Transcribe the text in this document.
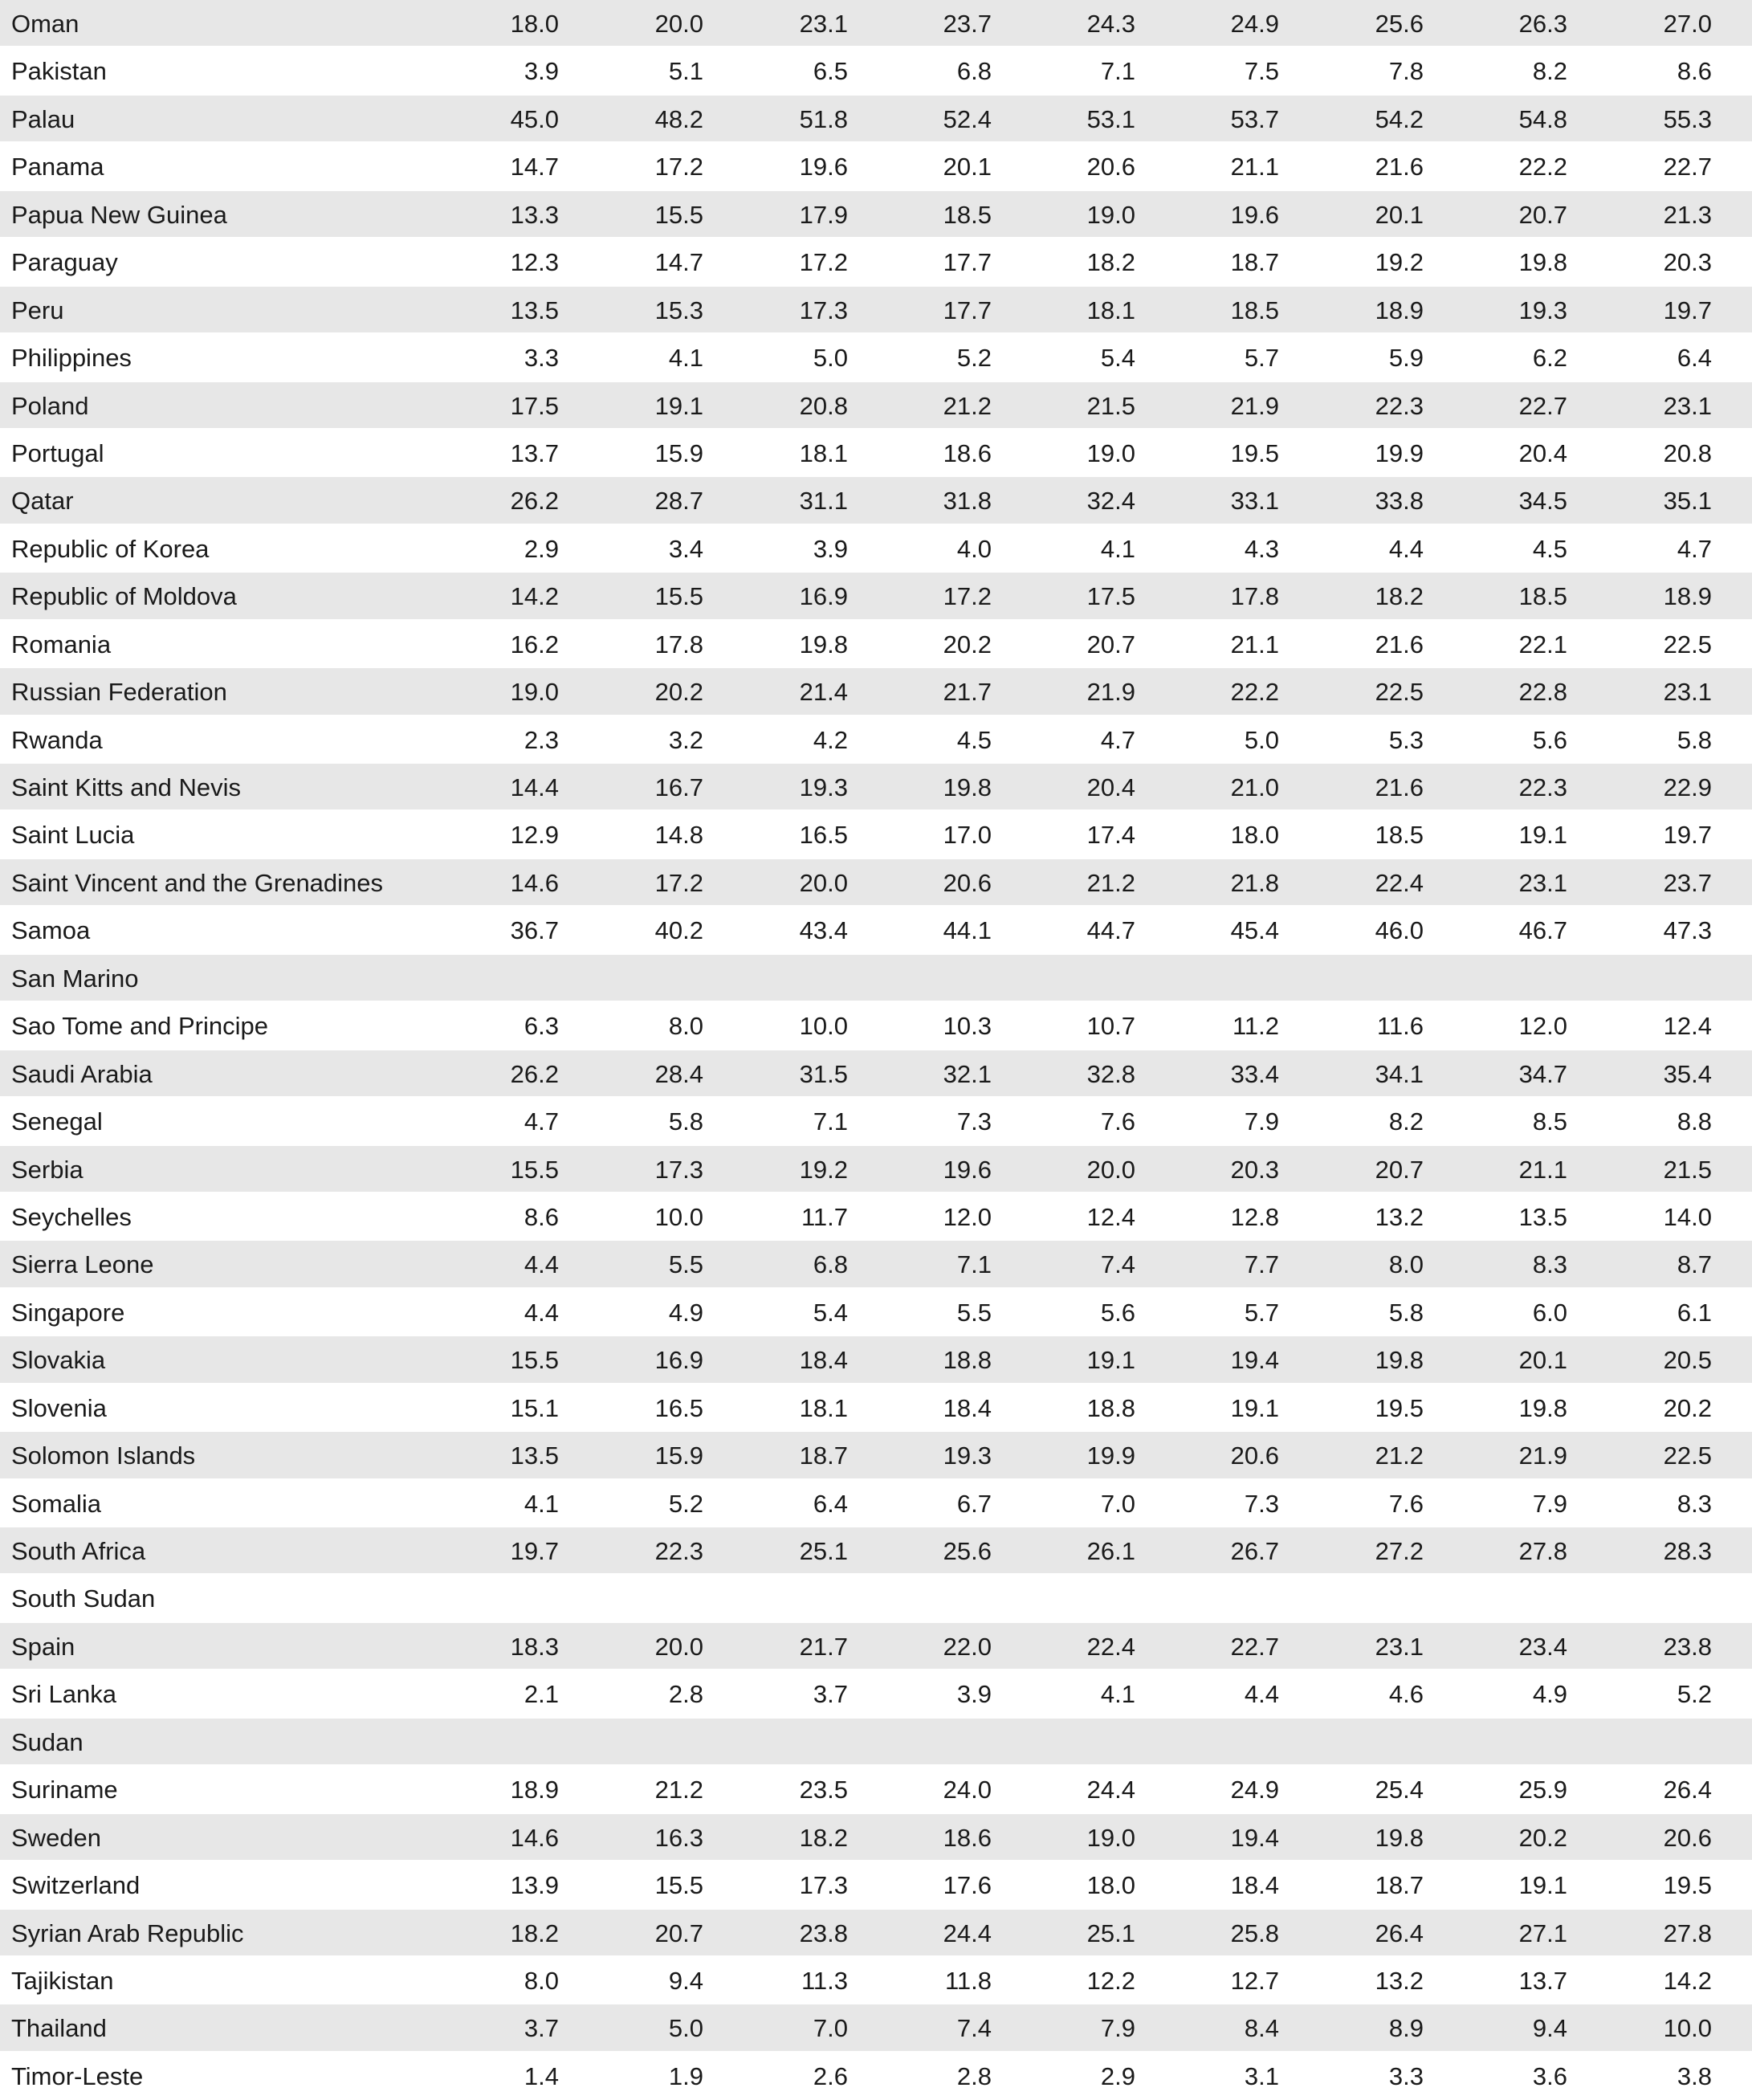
Oman	18.0	20.0	23.1	23.7	24.3	24.9	25.6	26.3	27.0
Pakistan	3.9	5.1	6.5	6.8	7.1	7.5	7.8	8.2	8.6
Palau	45.0	48.2	51.8	52.4	53.1	53.7	54.2	54.8	55.3
Panama	14.7	17.2	19.6	20.1	20.6	21.1	21.6	22.2	22.7
Papua New Guinea	13.3	15.5	17.9	18.5	19.0	19.6	20.1	20.7	21.3
Paraguay	12.3	14.7	17.2	17.7	18.2	18.7	19.2	19.8	20.3
Peru	13.5	15.3	17.3	17.7	18.1	18.5	18.9	19.3	19.7
Philippines	3.3	4.1	5.0	5.2	5.4	5.7	5.9	6.2	6.4
Poland	17.5	19.1	20.8	21.2	21.5	21.9	22.3	22.7	23.1
Portugal	13.7	15.9	18.1	18.6	19.0	19.5	19.9	20.4	20.8
Qatar	26.2	28.7	31.1	31.8	32.4	33.1	33.8	34.5	35.1
Republic of Korea	2.9	3.4	3.9	4.0	4.1	4.3	4.4	4.5	4.7
Republic of Moldova	14.2	15.5	16.9	17.2	17.5	17.8	18.2	18.5	18.9
Romania	16.2	17.8	19.8	20.2	20.7	21.1	21.6	22.1	22.5
Russian Federation	19.0	20.2	21.4	21.7	21.9	22.2	22.5	22.8	23.1
Rwanda	2.3	3.2	4.2	4.5	4.7	5.0	5.3	5.6	5.8
Saint Kitts and Nevis	14.4	16.7	19.3	19.8	20.4	21.0	21.6	22.3	22.9
Saint Lucia	12.9	14.8	16.5	17.0	17.4	18.0	18.5	19.1	19.7
Saint Vincent and the Grenadines	14.6	17.2	20.0	20.6	21.2	21.8	22.4	23.1	23.7
Samoa	36.7	40.2	43.4	44.1	44.7	45.4	46.0	46.7	47.3
San Marino
Sao Tome and Principe	6.3	8.0	10.0	10.3	10.7	11.2	11.6	12.0	12.4
Saudi Arabia	26.2	28.4	31.5	32.1	32.8	33.4	34.1	34.7	35.4
Senegal	4.7	5.8	7.1	7.3	7.6	7.9	8.2	8.5	8.8
Serbia	15.5	17.3	19.2	19.6	20.0	20.3	20.7	21.1	21.5
Seychelles	8.6	10.0	11.7	12.0	12.4	12.8	13.2	13.5	14.0
Sierra Leone	4.4	5.5	6.8	7.1	7.4	7.7	8.0	8.3	8.7
Singapore	4.4	4.9	5.4	5.5	5.6	5.7	5.8	6.0	6.1
Slovakia	15.5	16.9	18.4	18.8	19.1	19.4	19.8	20.1	20.5
Slovenia	15.1	16.5	18.1	18.4	18.8	19.1	19.5	19.8	20.2
Solomon Islands	13.5	15.9	18.7	19.3	19.9	20.6	21.2	21.9	22.5
Somalia	4.1	5.2	6.4	6.7	7.0	7.3	7.6	7.9	8.3
South Africa	19.7	22.3	25.1	25.6	26.1	26.7	27.2	27.8	28.3
South Sudan
Spain	18.3	20.0	21.7	22.0	22.4	22.7	23.1	23.4	23.8
Sri Lanka	2.1	2.8	3.7	3.9	4.1	4.4	4.6	4.9	5.2
Sudan
Suriname	18.9	21.2	23.5	24.0	24.4	24.9	25.4	25.9	26.4
Sweden	14.6	16.3	18.2	18.6	19.0	19.4	19.8	20.2	20.6
Switzerland	13.9	15.5	17.3	17.6	18.0	18.4	18.7	19.1	19.5
Syrian Arab Republic	18.2	20.7	23.8	24.4	25.1	25.8	26.4	27.1	27.8
Tajikistan	8.0	9.4	11.3	11.8	12.2	12.7	13.2	13.7	14.2
Thailand	3.7	5.0	7.0	7.4	7.9	8.4	8.9	9.4	10.0
Timor-Leste	1.4	1.9	2.6	2.8	2.9	3.1	3.3	3.6	3.8
